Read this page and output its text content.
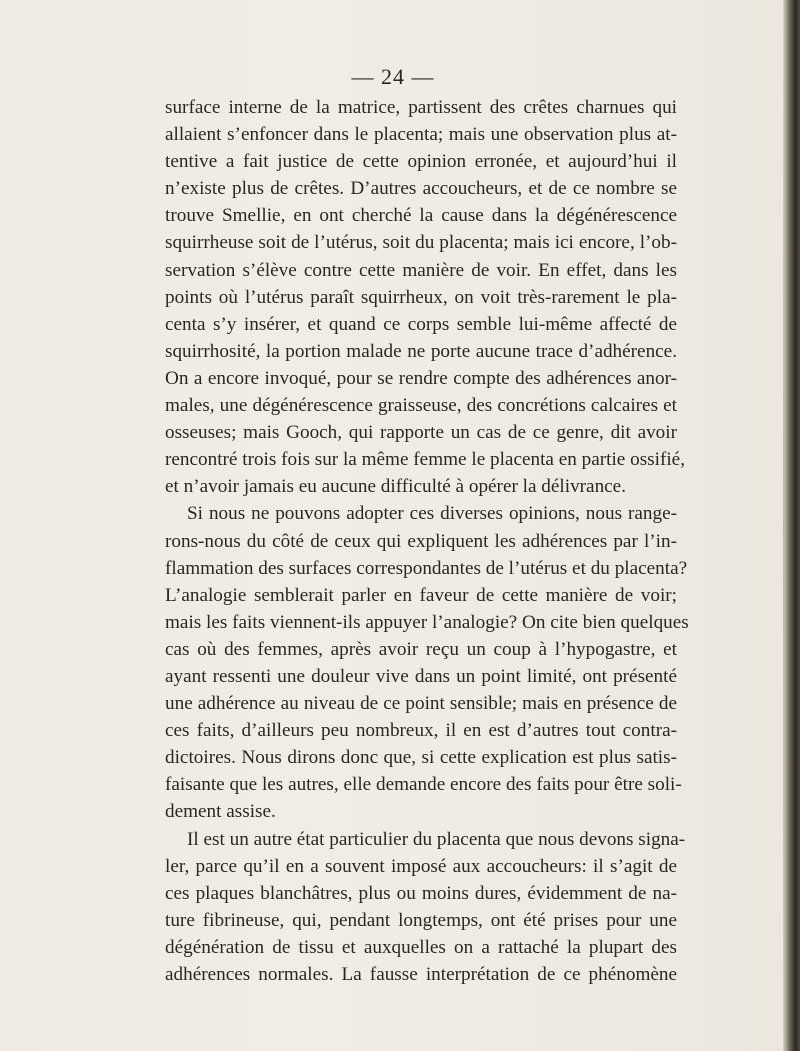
— 24 —
surface interne de la matrice, partissent des crêtes charnues qui
allaient s’enfoncer dans le placenta; mais une observation plus at-
tentive a fait justice de cette opinion erronée, et aujourd’hui il
n’existe plus de crêtes. D’autres accoucheurs, et de ce nombre se
trouve Smellie, en ont cherché la cause dans la dégénérescence
squirrheuse soit de l’utérus, soit du placenta; mais ici encore, l’ob-
servation s’élève contre cette manière de voir. En effet, dans les
points où l’utérus paraît squirrheux, on voit très-rarement le pla-
centa s’y insérer, et quand ce corps semble lui-même affecté de
squirrhosité, la portion malade ne porte aucune trace d’adhérence.
On a encore invoqué, pour se rendre compte des adhérences anor-
males, une dégénérescence graisseuse, des concrétions calcaires et
osseuses; mais Gooch, qui rapporte un cas de ce genre, dit avoir
rencontré trois fois sur la même femme le placenta en partie ossifié,
et n’avoir jamais eu aucune difficulté à opérer la délivrance.
Si nous ne pouvons adopter ces diverses opinions, nous range-
rons-nous du côté de ceux qui expliquent les adhérences par l’in-
flammation des surfaces correspondantes de l’utérus et du placenta?
L’analogie semblerait parler en faveur de cette manière de voir;
mais les faits viennent-ils appuyer l’analogie? On cite bien quelques
cas où des femmes, après avoir reçu un coup à l’hypogastre, et
ayant ressenti une douleur vive dans un point limité, ont présenté
une adhérence au niveau de ce point sensible; mais en présence de
ces faits, d’ailleurs peu nombreux, il en est d’autres tout contra-
dictoires. Nous dirons donc que, si cette explication est plus satis-
faisante que les autres, elle demande encore des faits pour être soli-
dement assise.
Il est un autre état particulier du placenta que nous devons signa-
ler, parce qu’il en a souvent imposé aux accoucheurs: il s’agit de
ces plaques blanchâtres, plus ou moins dures, évidemment de na-
ture fibrineuse, qui, pendant longtemps, ont été prises pour une
dégénération de tissu et auxquelles on a rattaché la plupart des
adhérences normales. La fausse interprétation de ce phénomène
